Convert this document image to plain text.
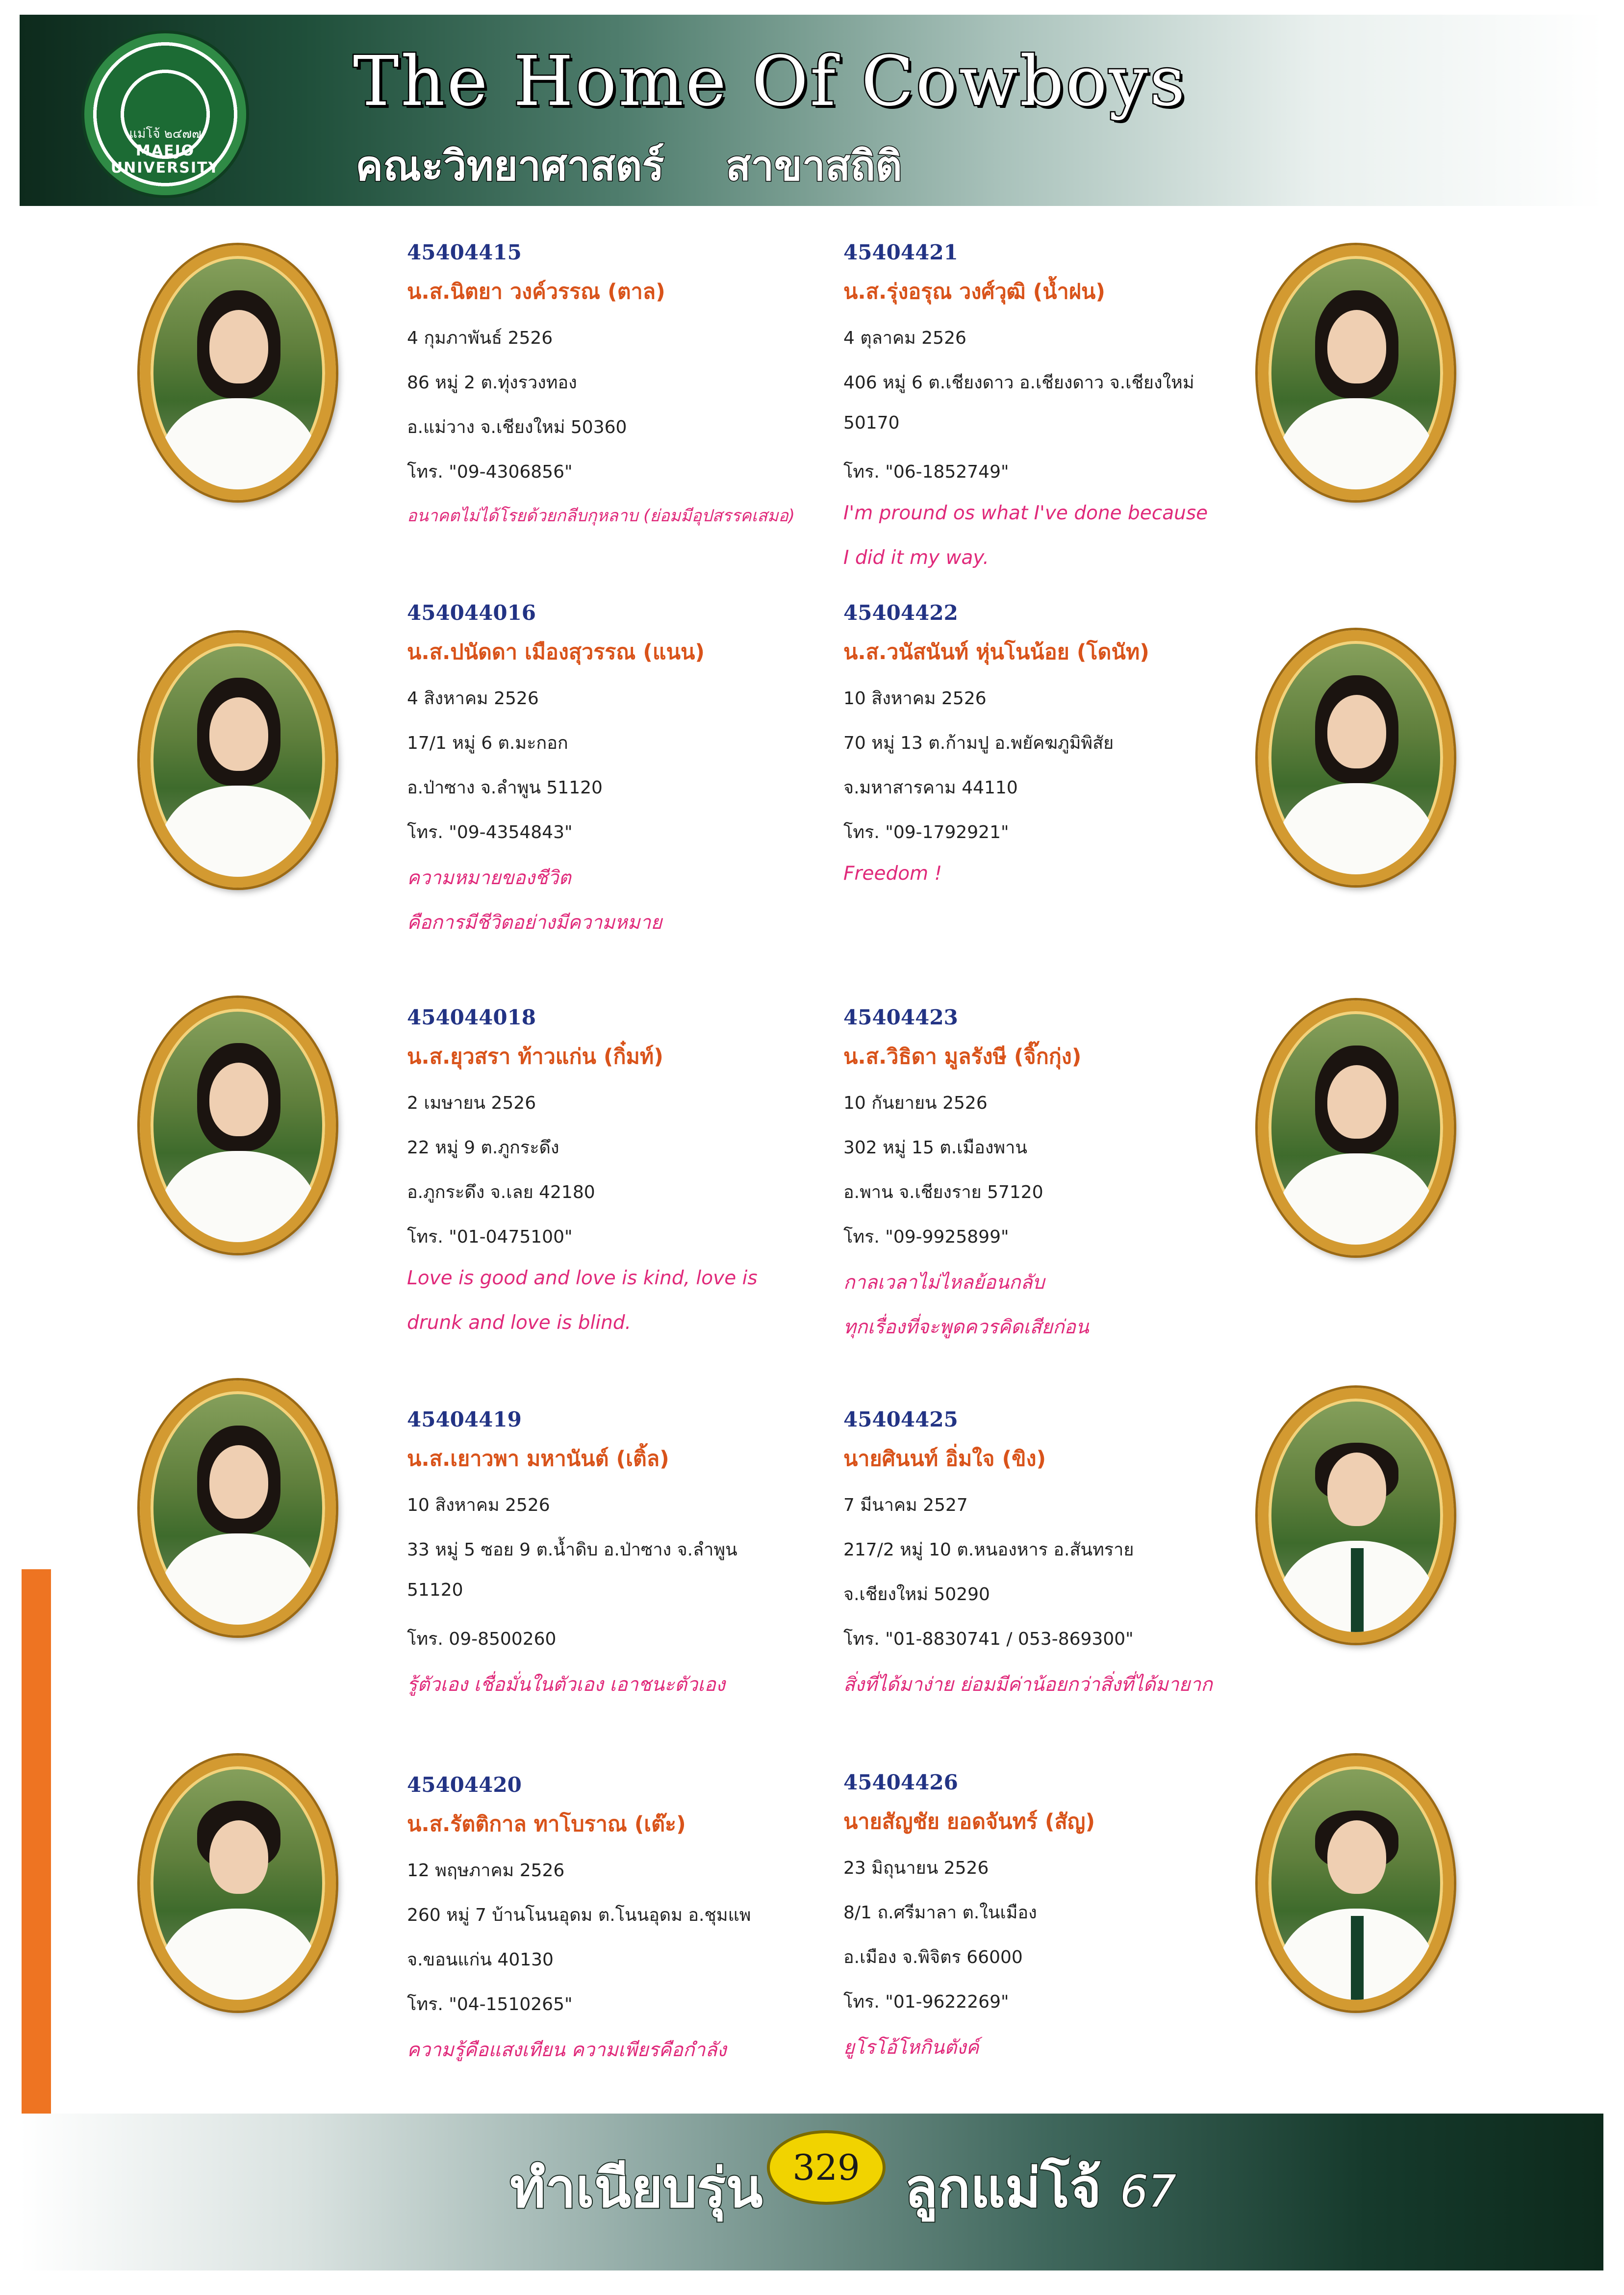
แม่โจ้ ๒๔๗๗
MAEJO UNIVERSITY
The Home Of Cowboys
คณะวิทยาศาสตร์ สาขาสถิติ
45404415
น.ส.นิตยา วงค์วรรณ (ตาล)
4 กุมภาพันธ์ 2526
86 หมู่ 2 ต.ทุ่งรวงทอง
อ.แม่วาง จ.เชียงใหม่ 50360
โทร. "09-4306856"
อนาคตไม่ได้โรยด้วยกลีบกุหลาบ (ย่อมมีอุปสรรคเสมอ)
45404421
น.ส.รุ่งอรุณ วงศ์วุฒิ (น้ำฝน)
4 ตุลาคม 2526
406 หมู่ 6 ต.เชียงดาว อ.เชียงดาว จ.เชียงใหม่
50170
โทร. "06-1852749"
I'm pround os what I've done because
I did it my way.
454044016
น.ส.ปนัดดา เมืองสุวรรณ (แนน)
4 สิงหาคม 2526
17/1 หมู่ 6 ต.มะกอก
อ.ป่าซาง จ.ลำพูน 51120
โทร. "09-4354843"
ความหมายของชีวิต
คือการมีชีวิตอย่างมีความหมาย
45404422
น.ส.วนัสนันท์ หุ่นโนน้อย (โดนัท)
10 สิงหาคม 2526
70 หมู่ 13 ต.ก้ามปู อ.พยัคฆภูมิพิสัย
จ.มหาสารคาม 44110
โทร. "09-1792921"
Freedom !
454044018
น.ส.ยุวสรา ท้าวแก่น (กิ๋มท์)
2 เมษายน 2526
22 หมู่ 9 ต.ภูกระดึง
อ.ภูกระดึง จ.เลย 42180
โทร. "01-0475100"
Love is good and love is kind, love is
drunk and love is blind.
45404423
น.ส.วิธิดา มูลรังษี (จิ๊กกุ่ง)
10 กันยายน 2526
302 หมู่ 15 ต.เมืองพาน
อ.พาน จ.เชียงราย 57120
โทร. "09-9925899"
กาลเวลาไม่ไหลย้อนกลับ
ทุกเรื่องที่จะพูดควรคิดเสียก่อน
45404419
น.ส.เยาวพา มหานันต์ (เติ้ล)
10 สิงหาคม 2526
33 หมู่ 5 ซอย 9 ต.น้ำดิบ อ.ป่าซาง จ.ลำพูน
51120
โทร. 09-8500260
รู้ตัวเอง เชื่อมั่นในตัวเอง เอาชนะตัวเอง
45404425
นายศินนท์ อิ่มใจ (ขิง)
7 มีนาคม 2527
217/2 หมู่ 10 ต.หนองหาร อ.สันทราย
จ.เชียงใหม่ 50290
โทร. "01-8830741 / 053-869300"
สิ่งที่ได้มาง่าย ย่อมมีค่าน้อยกว่าสิ่งที่ได้มายาก
45404420
น.ส.รัตติกาล ทาโบราณ (เต๊ะ)
12 พฤษภาคม 2526
260 หมู่ 7 บ้านโนนอุดม ต.โนนอุดม อ.ชุมแพ
จ.ขอนแก่น 40130
โทร. "04-1510265"
ความรู้คือแสงเทียน ความเพียรคือกำลัง
45404426
นายสัญชัย ยอดจันทร์ (สัญ)
23 มิถุนายน 2526
8/1 ถ.ศรีมาลา ต.ในเมือง
อ.เมือง จ.พิจิตร 66000
โทร. "01-9622269"
ยูโรโอ้โหกินตังค์
ทำเนียบรุ่น 329 ลูกแม่โจ้ 67
